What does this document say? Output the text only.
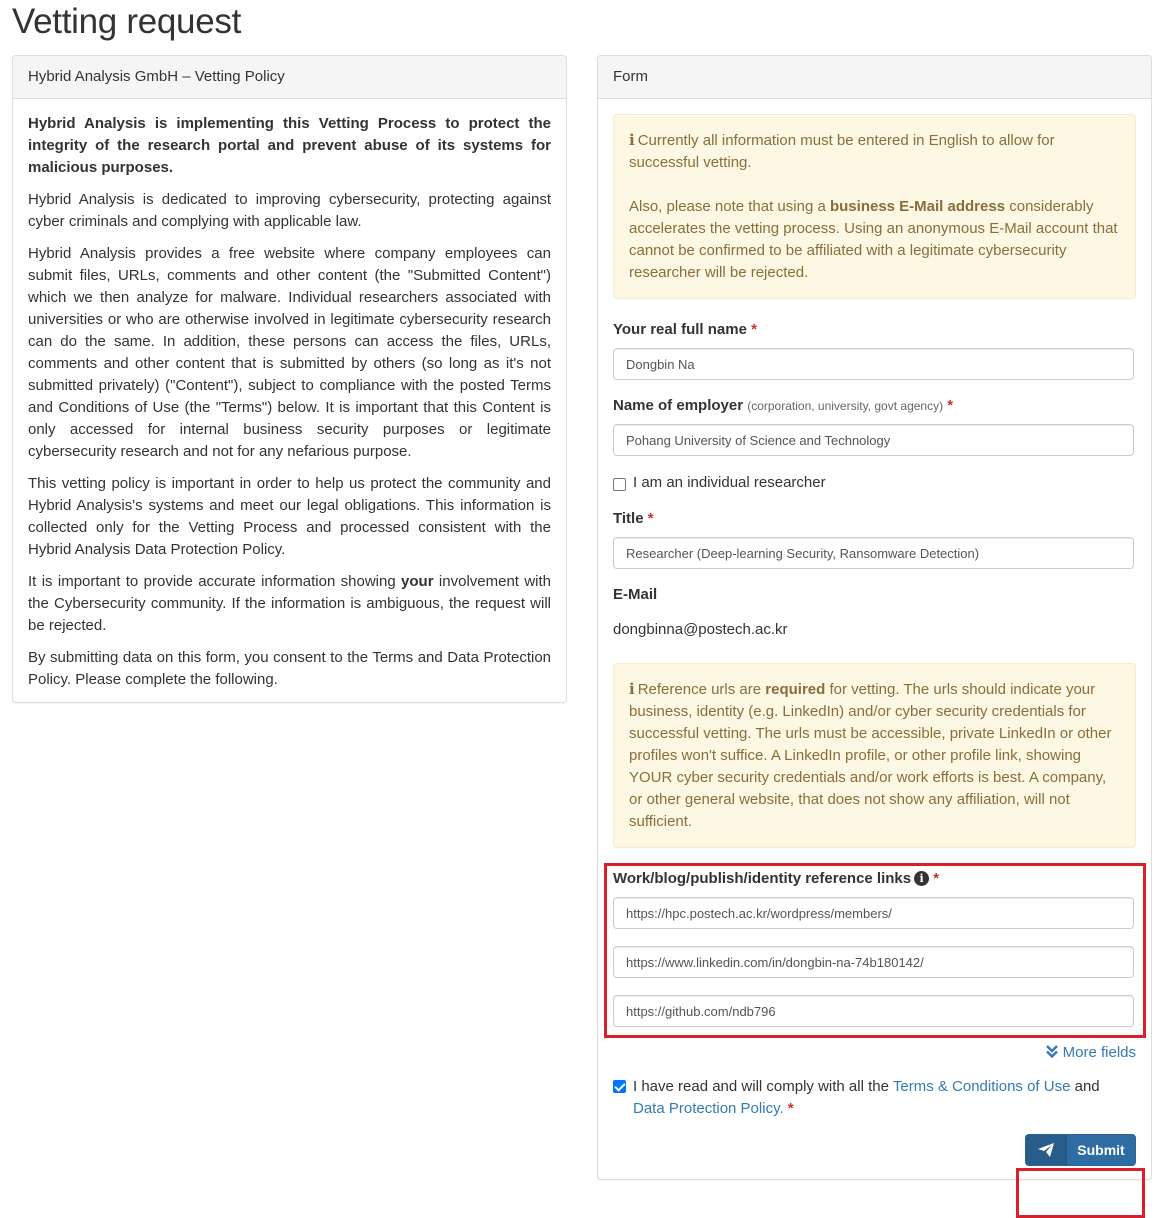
Vetting request
Hybrid Analysis GmbH – Vetting Policy

Hybrid Analysis is implementing this Vetting Process to protect the integrity of the research portal and prevent abuse of its systems for malicious purposes.

Hybrid Analysis is dedicated to improving cybersecurity, protecting against cyber criminals and complying with applicable law.

Hybrid Analysis provides a free website where company employees can submit files, URLs, comments and other content (the "Submitted Content") which we then analyze for malware. Individual researchers associated with universities or who are otherwise involved in legitimate cybersecurity research can do the same. In addition, these persons can access the files, URLs, comments and other content that is submitted by others (so long as it's not submitted privately) ("Content"), subject to compliance with the posted Terms and Conditions of Use (the "Terms") below. It is important that this Content is only accessed for internal business security purposes or legitimate cybersecurity research and not for any nefarious purpose.

This vetting policy is important in order to help us protect the community and Hybrid Analysis's systems and meet our legal obligations. This information is collected only for the Vetting Process and processed consistent with the Hybrid Analysis Data Protection Policy.

It is important to provide accurate information showing your involvement with the Cybersecurity community. If the information is ambiguous, the request will be rejected.

By submitting data on this form, you consent to the Terms and Data Protection Policy. Please complete the following.

Form

i Currently all information must be entered in English to allow for successful vetting.

Also, please note that using a business E-Mail address considerably accelerates the vetting process. Using an anonymous E-Mail account that cannot be confirmed to be affiliated with a legitimate cybersecurity researcher will be rejected.

Your real full name *
Dongbin Na
Name of employer (corporation, university, govt agency) *
Pohang University of Science and Technology
I am an individual researcher
Title *
Researcher (Deep-learning Security, Ransomware Detection)
E-Mail
dongbinna@postech.ac.kr

i Reference urls are required for vetting. The urls should indicate your business, identity (e.g. LinkedIn) and/or cyber security credentials for successful vetting. The urls must be accessible, private LinkedIn or other profiles won't suffice. A LinkedIn profile, or other profile link, showing YOUR cyber security credentials and/or work efforts is best. A company, or other general website, that does not show any affiliation, will not sufficient.

Work/blog/publish/identity reference links i *
https://hpc.postech.ac.kr/wordpress/members/
https://www.linkedin.com/in/dongbin-na-74b180142/
https://github.com/ndb796
More fields
I have read and will comply with all the Terms & Conditions of Use and
Data Protection Policy. *
Submit
